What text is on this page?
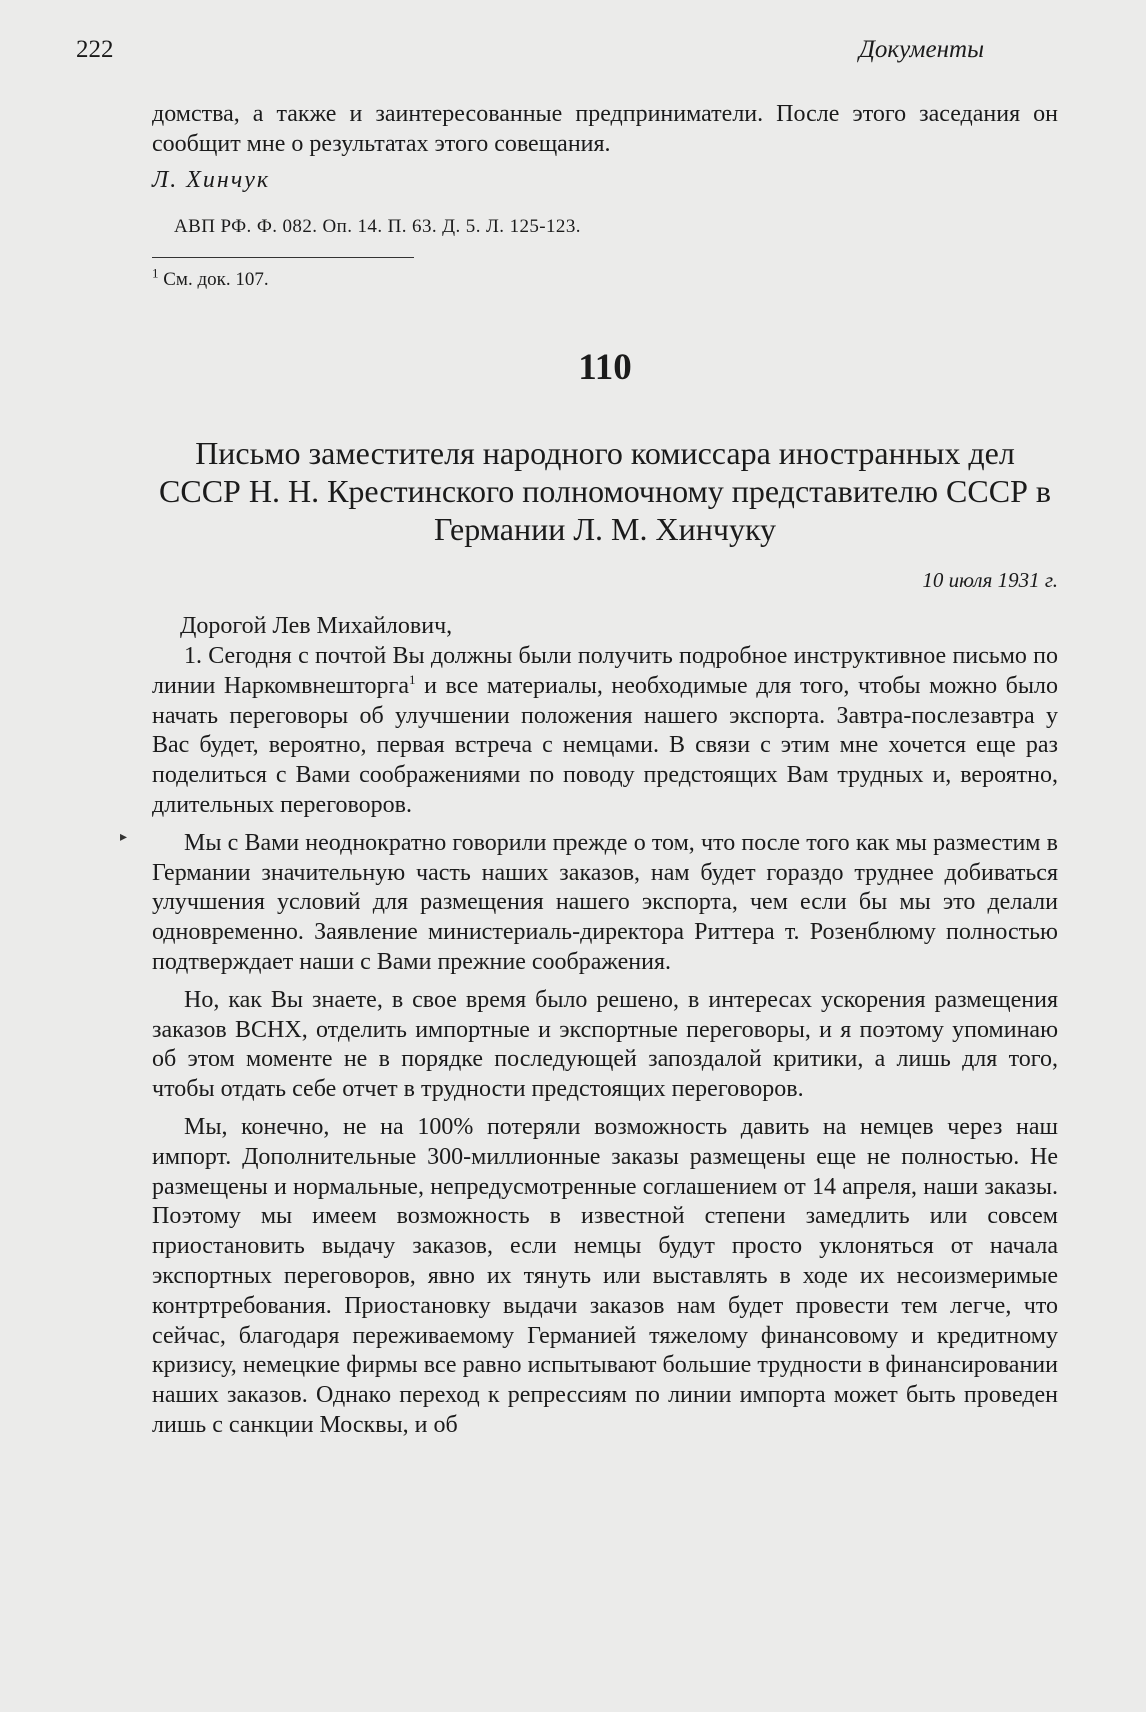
222	Документы
▸

домства, а также и заинтересованные предприниматели. После этого заседания он сообщит мне о результатах этого совещания.

Л. Хинчук

АВП РФ. Ф. 082. Оп. 14. П. 63. Д. 5. Л. 125-123.

$^1$ См. док. 107.

110

Письмо заместителя народного комиссара иностранных дел СССР Н. Н. Крестинского полномочному представителю СССР в Германии Л. М. Хинчуку

10 июля 1931 г.

Дорогой Лев Михайлович,

1. Сегодня с почтой Вы должны были получить подробное инструктивное письмо по линии Наркомвнешторга$^1$ и все материалы, необходимые для того, чтобы можно было начать переговоры об улучшении положения нашего экспорта. Завтра-послезавтра у Вас будет, вероятно, первая встреча с немцами. В связи с этим мне хочется еще раз поделиться с Вами соображениями по поводу предстоящих Вам трудных и, вероятно, длительных переговоров.

Мы с Вами неоднократно говорили прежде о том, что после того как мы разместим в Германии значительную часть наших заказов, нам будет гораздо труднее добиваться улучшения условий для размещения нашего экспорта, чем если бы мы это делали одновременно. Заявление министериаль-директора Риттера т. Розенблюму полностью подтверждает наши с Вами прежние соображения.

Но, как Вы знаете, в свое время было решено, в интересах ускорения размещения заказов ВСНХ, отделить импортные и экспортные переговоры, и я поэтому упоминаю об этом моменте не в порядке последующей запоздалой критики, а лишь для того, чтобы отдать себе отчет в трудности предстоящих переговоров.

Мы, конечно, не на 100% потеряли возможность давить на немцев через наш импорт. Дополнительные 300-миллионные заказы размещены еще не полностью. Не размещены и нормальные, непредусмотренные соглашением от 14 апреля, наши заказы. Поэтому мы имеем возможность в известной степени замедлить или совсем приостановить выдачу заказов, если немцы будут просто уклоняться от начала экспортных переговоров, явно их тянуть или выставлять в ходе их несоизмеримые контртребования. Приостановку выдачи заказов нам будет провести тем легче, что сейчас, благодаря переживаемому Германией тяжелому финансовому и кредитному кризису, немецкие фирмы все равно испытывают большие трудности в финансировании наших заказов. Однако переход к репрессиям по линии импорта может быть проведен лишь с санкции Москвы, и об
